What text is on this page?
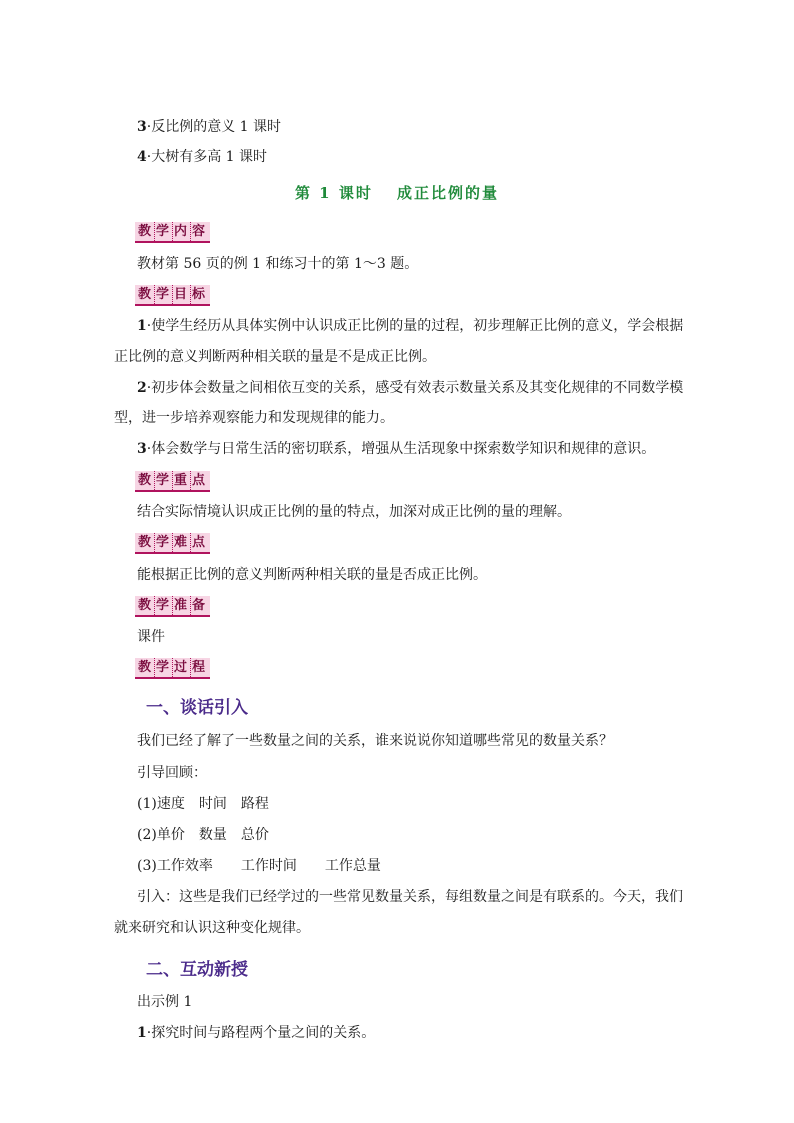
3·反比例的意义 1 课时
4·大树有多高 1 课时
第 1 课时　 成正比例的量
教 学 内 容
教材第 56 页的例 1 和练习十的第 1～3 题。
教 学 目 标
1·使学生经历从具体实例中认识成正比例的量的过程，初步理解正比例的意义，学会根据
正比例的意义判断两种相关联的量是不是成正比例。
2·初步体会数量之间相依互变的关系，感受有效表示数量关系及其变化规律的不同数学模
型，进一步培养观察能力和发现规律的能力。
3·体会数学与日常生活的密切联系，增强从生活现象中探索数学知识和规律的意识。
教 学 重 点
结合实际情境认识成正比例的量的特点，加深对成正比例的量的理解。
教 学 难 点
能根据正比例的意义判断两种相关联的量是否成正比例。
教 学 准 备
课件
教 学 过 程
一、谈话引入
我们已经了解了一些数量之间的关系，谁来说说你知道哪些常见的数量关系？
引导回顾：
(1)速度　时间　路程
(2)单价　数量　总价
(3)工作效率　　工作时间　　工作总量
引入：这些是我们已经学过的一些常见数量关系，每组数量之间是有联系的。今天，我们
就来研究和认识这种变化规律。
二、互动新授
出示例 1
1·探究时间与路程两个量之间的关系。
